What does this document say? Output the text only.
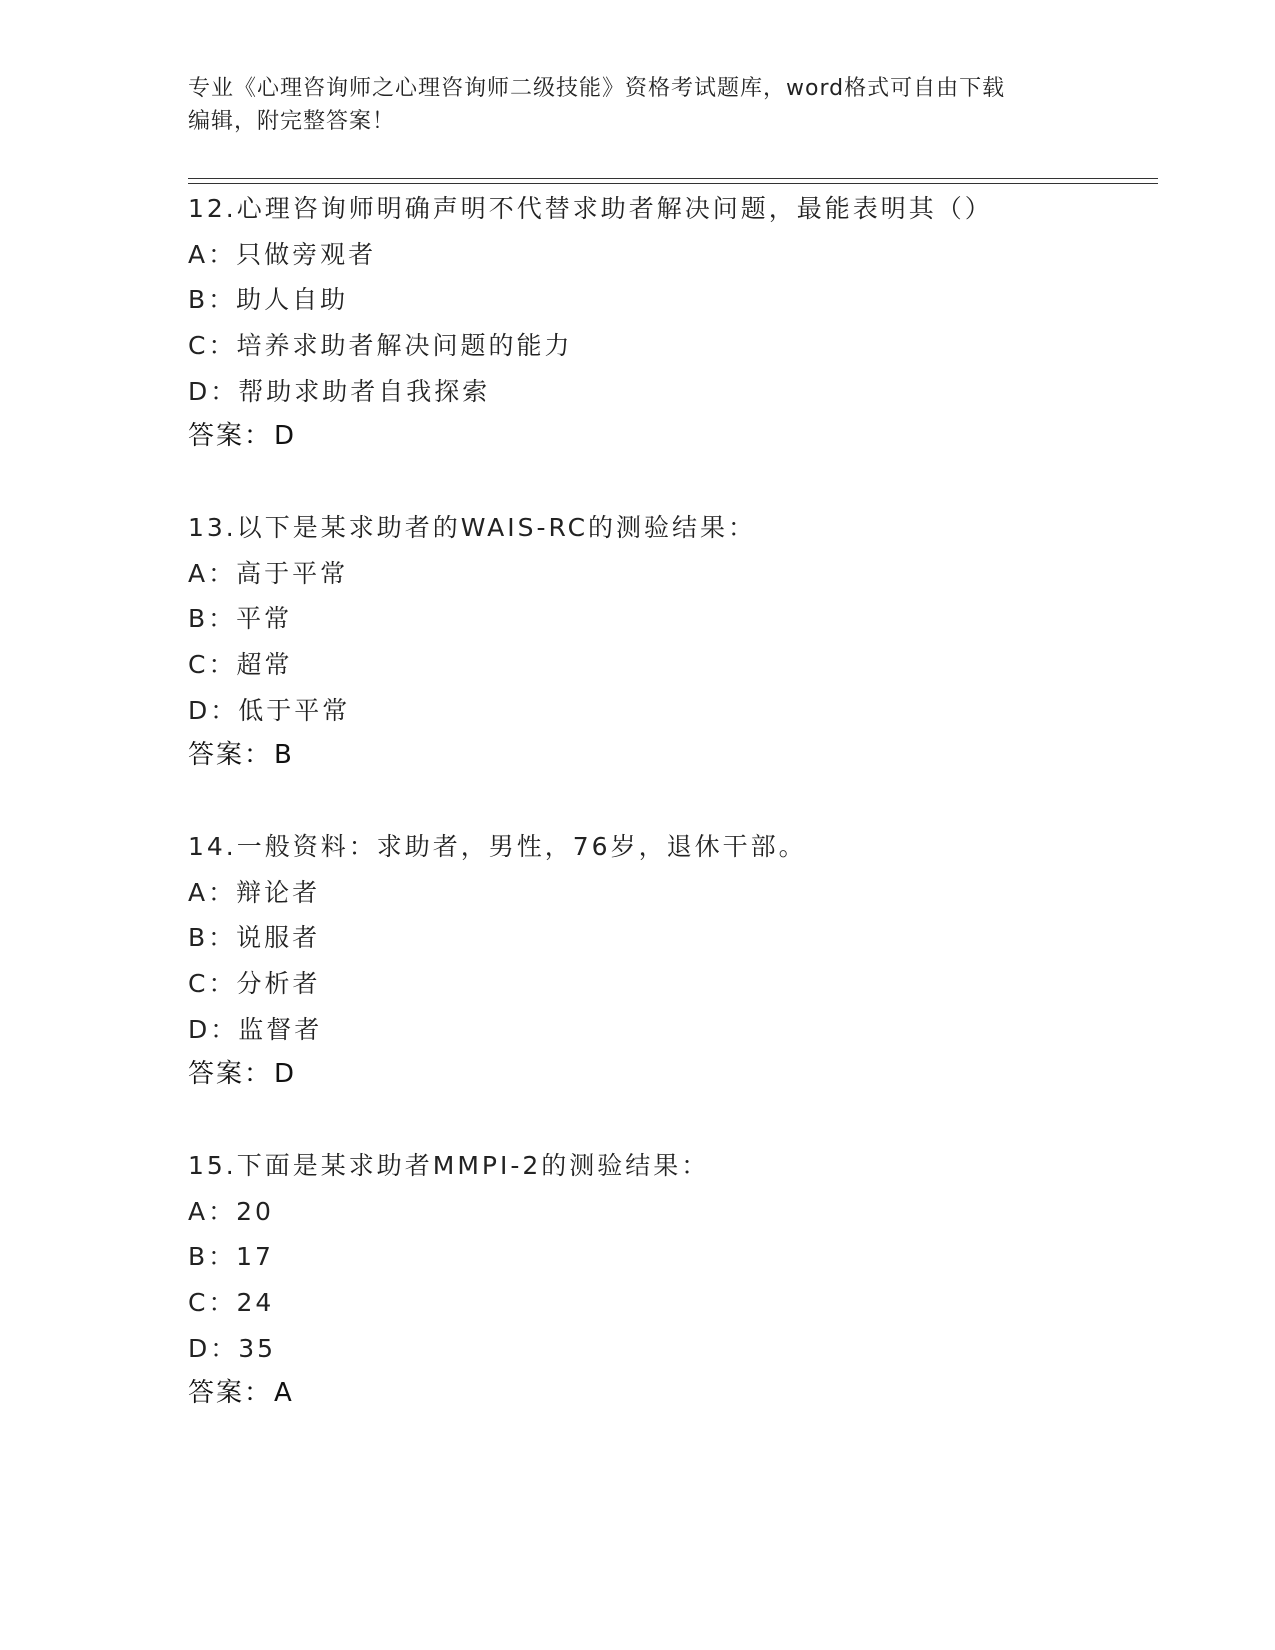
专业《心理咨询师之心理咨询师二级技能》资格考试题库，word格式可自由下载
编辑，附完整答案！
12.心理咨询师明确声明不代替求助者解决问题，最能表明其（）
A：只做旁观者
B：助人自助
C：培养求助者解决问题的能力
D：帮助求助者自我探索
答案：D
13.以下是某求助者的WAIS-RC的测验结果：
A：高于平常
B：平常
C：超常
D：低于平常
答案：B
14.一般资料：求助者，男性，76岁，退休干部。
A：辩论者
B：说服者
C：分析者
D：监督者
答案：D
15.下面是某求助者MMPI-2的测验结果：
A：20
B：17
C：24
D：35
答案：A
